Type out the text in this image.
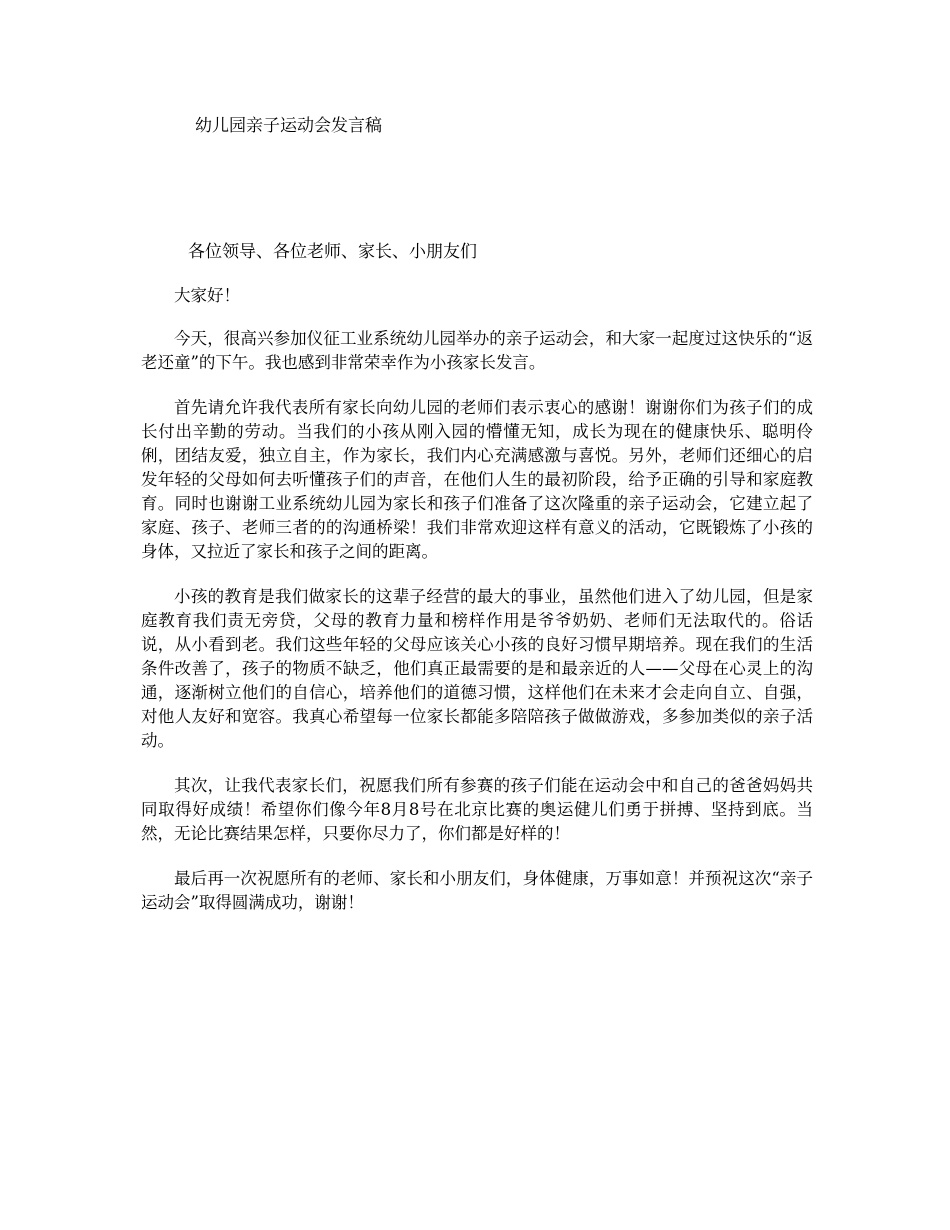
幼儿园亲子运动会发言稿
各位领导、各位老师、家长、小朋友们

大家好！

今天，很高兴参加仪征工业系统幼儿园举办的亲子运动会，和大家一起度过这快乐的“返老还童”的下午。我也感到非常荣幸作为小孩家长发言。

首先请允许我代表所有家长向幼儿园的老师们表示衷心的感谢！谢谢你们为孩子们的成长付出辛勤的劳动。当我们的小孩从刚入园的懵懂无知，成长为现在的健康快乐、聪明伶俐，团结友爱，独立自主，作为家长，我们内心充满感激与喜悦。另外，老师们还细心的启发年轻的父母如何去听懂孩子们的声音，在他们人生的最初阶段，给予正确的引导和家庭教育。同时也谢谢工业系统幼儿园为家长和孩子们准备了这次隆重的亲子运动会，它建立起了家庭、孩子、老师三者的的沟通桥梁！我们非常欢迎这样有意义的活动，它既锻炼了小孩的身体，又拉近了家长和孩子之间的距离。

小孩的教育是我们做家长的这辈子经营的最大的事业，虽然他们进入了幼儿园，但是家庭教育我们责无旁贷，父母的教育力量和榜样作用是爷爷奶奶、老师们无法取代的。俗话说，从小看到老。我们这些年轻的父母应该关心小孩的良好习惯早期培养。现在我们的生活条件改善了，孩子的物质不缺乏，他们真正最需要的是和最亲近的人——父母在心灵上的沟通，逐渐树立他们的自信心，培养他们的道德习惯，这样他们在未来才会走向自立、自强，对他人友好和宽容。我真心希望每一位家长都能多陪陪孩子做做游戏，多参加类似的亲子活动。

其次，让我代表家长们，祝愿我们所有参赛的孩子们能在运动会中和自己的爸爸妈妈共同取得好成绩！希望你们像今年8月8号在北京比赛的奥运健儿们勇于拼搏、坚持到底。当然，无论比赛结果怎样，只要你尽力了，你们都是好样的！

最后再一次祝愿所有的老师、家长和小朋友们，身体健康，万事如意！并预祝这次“亲子运动会”取得圆满成功，谢谢！
